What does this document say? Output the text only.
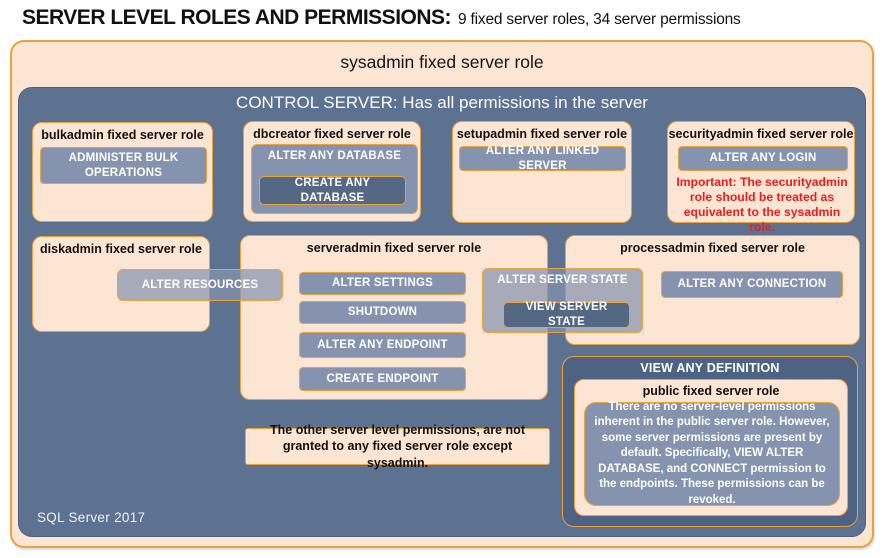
SERVER LEVEL ROLES AND PERMISSIONS: 9 fixed server roles, 34 server permissions
sysadmin fixed server role
CONTROL SERVER: Has all permissions in the server
bulkadmin fixed server role
ADMINISTER BULK OPERATIONS
dbcreator fixed server role
ALTER ANY DATABASE
CREATE ANY DATABASE
setupadmin fixed server role
ALTER ANY LINKED SERVER
securityadmin fixed server role
ALTER ANY LOGIN
Important: The securityadmin role should be treated as equivalent to the sysadmin role.
diskadmin fixed server role	serveradmin fixed server role
ALTER SETTINGS
SHUTDOWN
ALTER ANY ENDPOINT
CREATE ENDPOINT
processadmin fixed server role
ALTER ANY CONNECTION
ALTER RESOURCES	ALTER SERVER STATE
VIEW SERVER STATE
VIEW ANY DEFINITION
public fixed server role
There are no server-level permissions inherent in the public server role. However, some server permissions are present by default. Specifically, VIEW ALTER DATABASE, and CONNECT permission to the endpoints. These permissions can be revoked.
The other server level permissions, are not granted to any fixed server role except sysadmin.
SQL Server 2017
